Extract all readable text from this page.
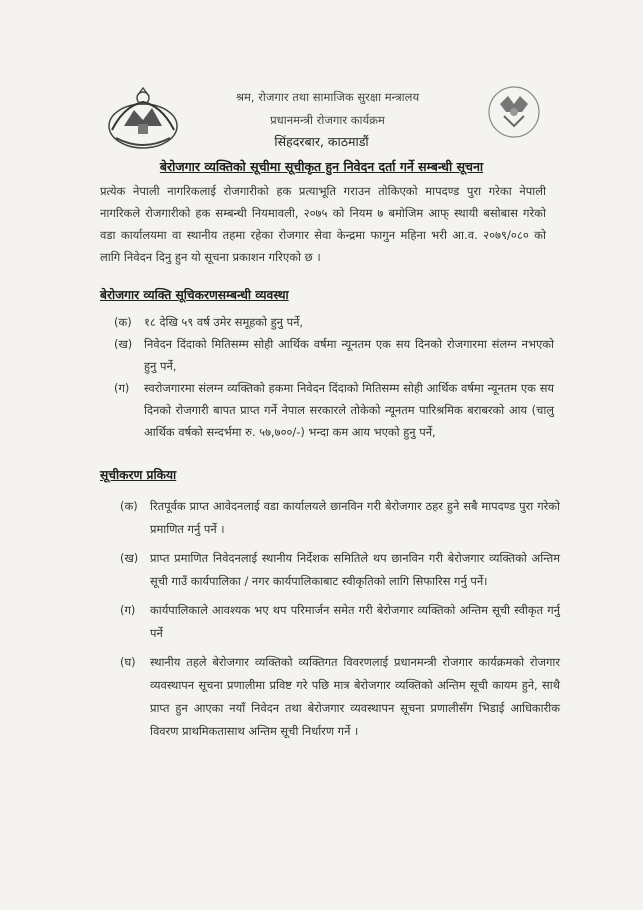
श्रम, रोजगार तथा सामाजिक सुरक्षा मन्त्रालय
प्रधानमन्त्री रोजगार कार्यक्रम
सिंहदरबार, काठमाडौं
बेरोजगार व्यक्तिको सूचीमा सूचीकृत हुन निवेदन दर्ता गर्ने सम्बन्धी सूचना
प्रत्येक नेपाली नागरिकलाई रोजगारीको हक प्रत्याभूति गराउन तोकिएको मापदण्ड पुरा गरेका नेपाली नागरिकले रोजगारीको हक सम्बन्धी नियमावली, २०७५ को नियम ७ बमोजिम आफ् स्थायी बसोबास गरेको वडा कार्यालयमा वा स्थानीय तहमा रहेका रोजगार सेवा केन्द्रमा फागुन महिना भरी आ.व. २०७९/०८० को लागि निवेदन दिनु हुन यो सूचना प्रकाशन गरिएको छ ।
बेरोजगार व्यक्ति सूचिकरणसम्बन्धी व्यवस्था
(क)	१८ देखि ५९ वर्ष उमेर समूहको हुनु पर्ने,
(ख)	निवेदन दिंदाको मितिसम्म सोही आर्थिक वर्षमा न्यूनतम एक सय दिनको रोजगारमा संलग्न नभएको हुनु पर्ने,
(ग)	स्वरोजगारमा संलग्न व्यक्तिको हकमा निवेदन दिंदाको मितिसम्म सोही आर्थिक वर्षमा न्यूनतम एक सय दिनको रोजगारी बापत प्राप्त गर्ने नेपाल सरकारले तोकेको न्यूनतम पारिश्रमिक बराबरको आय (चालु आर्थिक वर्षको सन्दर्भमा रु. ५७,७००/-) भन्दा कम आय भएको हुनु पर्ने,
सूचीकरण प्रकिया
(क)	रितपूर्वक प्राप्त आवेदनलाई वडा कार्यालयले छानविन गरी बेरोजगार ठहर हुने सबै मापदण्ड पुरा गरेको प्रमाणित गर्नु पर्ने ।
(ख)	प्राप्त प्रमाणित निवेदनलाई स्थानीय निर्देशक समितिले थप छानविन गरी बेरोजगार व्यक्तिको अन्तिम सूची गाउँ कार्यपालिका / नगर कार्यपालिकाबाट स्वीकृतिको लागि सिफारिस गर्नु पर्ने।
(ग)	कार्यपालिकाले आवश्यक भए थप परिमार्जन समेत गरी बेरोजगार व्यक्तिको अन्तिम सूची स्वीकृत गर्नु पर्ने
(घ)	स्थानीय तहले बेरोजगार व्यक्तिको व्यक्तिगत विवरणलाई प्रधानमन्त्री रोजगार कार्यक्रमको रोजगार व्यवस्थापन सूचना प्रणालीमा प्रविष्ट गरे पछि मात्र बेरोजगार व्यक्तिको अन्तिम सूची कायम हुने, साथै प्राप्त हुन आएका नयाँ निवेदन तथा बेरोजगार व्यवस्थापन सूचना प्रणालीसँग भिडाई आधिकारीक विवरण प्राथमिकतासाथ अन्तिम सूची निर्धारण गर्ने ।
